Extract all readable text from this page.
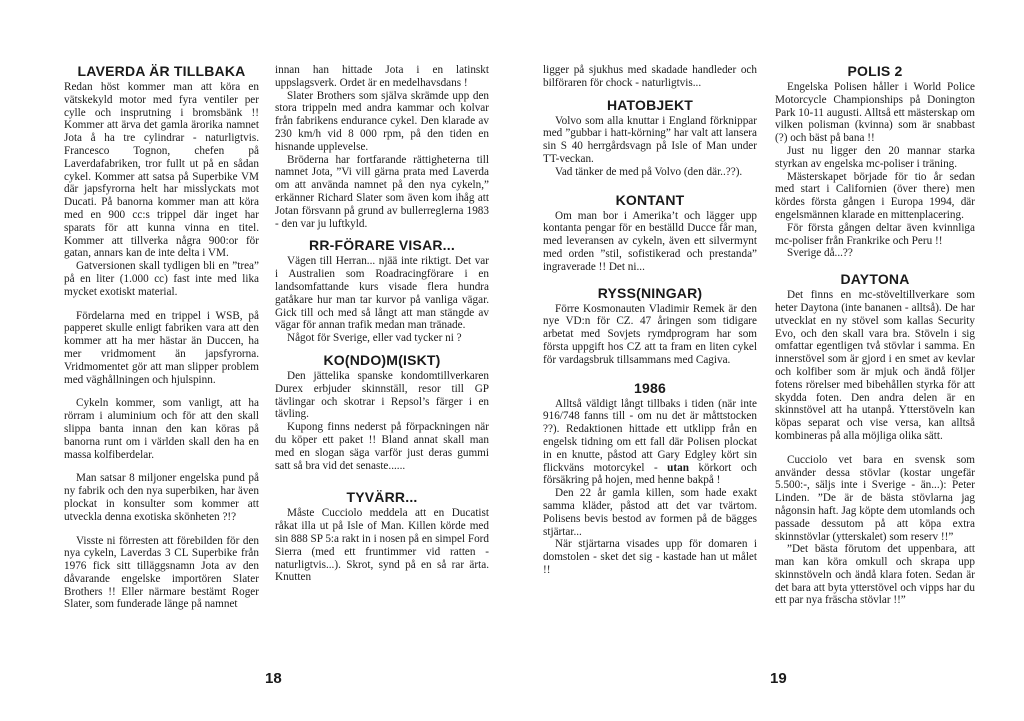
LAVERDA ÄR TILLBAKA

Redan höst kommer man att köra en vätskekyld motor med fyra ventiler per cylle och insprutning i bromsbänk !! Kommer att ärva det gamla ärorika namnet Jota å ha tre cylindrar - naturligtvis. Francesco Tognon, chefen på Laverdafabriken, tror fullt ut på en sådan cykel. Kommer att satsa på Superbike VM där japsfyrorna helt har misslyckats mot Ducati. På banorna kommer man att köra med en 900 cc:s trippel där inget har sparats för att kunna vinna en titel. Kommer att tillverka några 900:or för gatan, annars kan de inte delta i VM.

Gatversionen skall tydligen bli en ”trea” på en liter (1.000 cc) fast inte med lika mycket exotiskt material.

Fördelarna med en trippel i WSB, på papperet skulle enligt fabriken vara att den kommer att ha mer hästar än Duccen, ha mer vridmoment än japsfyrorna. Vridmomentet gör att man slipper problem med väghållningen och hjulspinn.

Cykeln kommer, som vanligt, att ha rörram i aluminium och för att den skall slippa banta innan den kan köras på banorna runt om i världen skall den ha en massa kolfiberdelar.

Man satsar 8 miljoner engelska pund på ny fabrik och den nya superbiken, har även plockat in konsulter som kommer att utveckla denna exotiska skönheten ?!?

Visste ni förresten att förebilden för den nya cykeln, Laverdas 3 CL Superbike från 1976 fick sitt tilläggsnamn Jota av den dåvarande engelske importören Slater Brothers !! Eller närmare bestämt Roger Slater, som funderade länge på namnet

innan han hittade Jota i en latinskt uppslagsverk. Ordet är en medelhavsdans !

Slater Brothers som själva skrämde upp den stora trippeln med andra kammar och kolvar från fabrikens endurance cykel. Den klarade av 230 km/h vid 8 000 rpm, på den tiden en hisnande upplevelse.

Bröderna har fortfarande rättigheterna till namnet Jota, ”Vi vill gärna prata med Laverda om att använda namnet på den nya cykeln,” erkänner Richard Slater som även kom ihåg att Jotan försvann på grund av bullerreglerna 1983 - den var ju luftkyld.

RR-FÖRARE VISAR...

Vägen till Herran... njää inte riktigt. Det var i Australien som Roadracingförare i en landsomfattande kurs visade flera hundra gatåkare hur man tar kurvor på vanliga vägar. Gick till och med så långt att man stängde av vägar för annan trafik medan man tränade.

Något för Sverige, eller vad tycker ni ?

KO(NDO)M(ISKT)

Den jättelika spanske kondomtillverkaren Durex erbjuder skinnställ, resor till GP tävlingar och skotrar i Repsol’s färger i en tävling.

Kupong finns nederst på förpackningen när du köper ett paket !! Bland annat skall man med en slogan säga varför just deras gummi satt så bra vid det senaste......

TYVÄRR...

Måste Cucciolo meddela att en Ducatist råkat illa ut på Isle of Man. Killen körde med sin 888 SP 5:a rakt in i nosen på en simpel Ford Sierra (med ett fruntimmer vid ratten - naturligtvis...). Skrot, synd på en så rar ärta. Knutten

ligger på sjukhus med skadade handleder och bilföraren för chock - naturligtvis...

HATOBJEKT

Volvo som alla knuttar i England förknippar med ”gubbar i hatt-körning” har valt att lansera sin S 40 herrgårdsvagn på Isle of Man under TT-veckan.

Vad tänker de med på Volvo (den där..??).

KONTANT

Om man bor i Amerika’t och lägger upp kontanta pengar för en beställd Ducce får man, med leveransen av cykeln, även ett silvermynt med orden ”stil, sofistikerad och prestanda” ingraverade !! Det ni...

RYSS(NINGAR)

Förre Kosmonauten Vladimir Remek är den nye VD:n för CZ. 47 åringen som tidigare arbetat med Sovjets rymdprogram har som första uppgift hos CZ att ta fram en liten cykel för vardagsbruk tillsammans med Cagiva.

1986

Alltså väldigt långt tillbaks i tiden (när inte 916/748 fanns till - om nu det är måttstocken ??). Redaktionen hittade ett utklipp från en engelsk tidning om ett fall där Polisen plockat in en knutte, påstod att Gary Edgley kört sin flickväns motorcykel - utan körkort och försäkring på hojen, med henne bakpå !

Den 22 år gamla killen, som hade exakt samma kläder, påstod att det var tvärtom. Polisens bevis bestod av formen på de bägges stjärtar...

När stjärtarna visades upp för domaren i domstolen - sket det sig - kastade han ut målet !!

POLIS 2

Engelska Polisen håller i World Police Motorcycle Championships på Donington Park 10-11 augusti. Alltså ett mästerskap om vilken polisman (kvinna) som är snabbast (?) och bäst på bana !!

Just nu ligger den 20 mannar starka styrkan av engelska mc-poliser i träning.

Mästerskapet började för tio år sedan med start i Californien (över there) men kördes första gången i Europa 1994, där engelsmännen klarade en mittenplacering.

För första gången deltar även kvinnliga mc-poliser från Frankrike och Peru !!

Sverige då...??

DAYTONA

Det finns en mc-stöveltillverkare som heter Daytona (inte bananen - alltså). De har utvecklat en ny stövel som kallas Security Evo, och den skall vara bra. Stöveln i sig omfattar egentligen två stövlar i samma. En innerstövel som är gjord i en smet av kevlar och kolfiber som är mjuk och ändå följer fotens rörelser med bibehållen styrka för att skydda foten. Den andra delen är en skinnstövel att ha utanpå. Ytterstöveln kan köpas separat och vise versa, kan alltså kombineras på alla möjliga olika sätt.

Cucciolo vet bara en svensk som använder dessa stövlar (kostar ungefär 5.500:-, säljs inte i Sverige - än...): Peter Linden. ”De är de bästa stövlarna jag någonsin haft. Jag köpte dem utomlands och passade dessutom på att köpa extra skinnstövlar (ytterskalet) som reserv !!”

”Det bästa förutom det uppenbara, att man kan köra omkull och skrapa upp skinnstöveln och ändå klara foten. Sedan är det bara att byta ytterstövel och vipps har du ett par nya fräscha stövlar !!”

18	19
